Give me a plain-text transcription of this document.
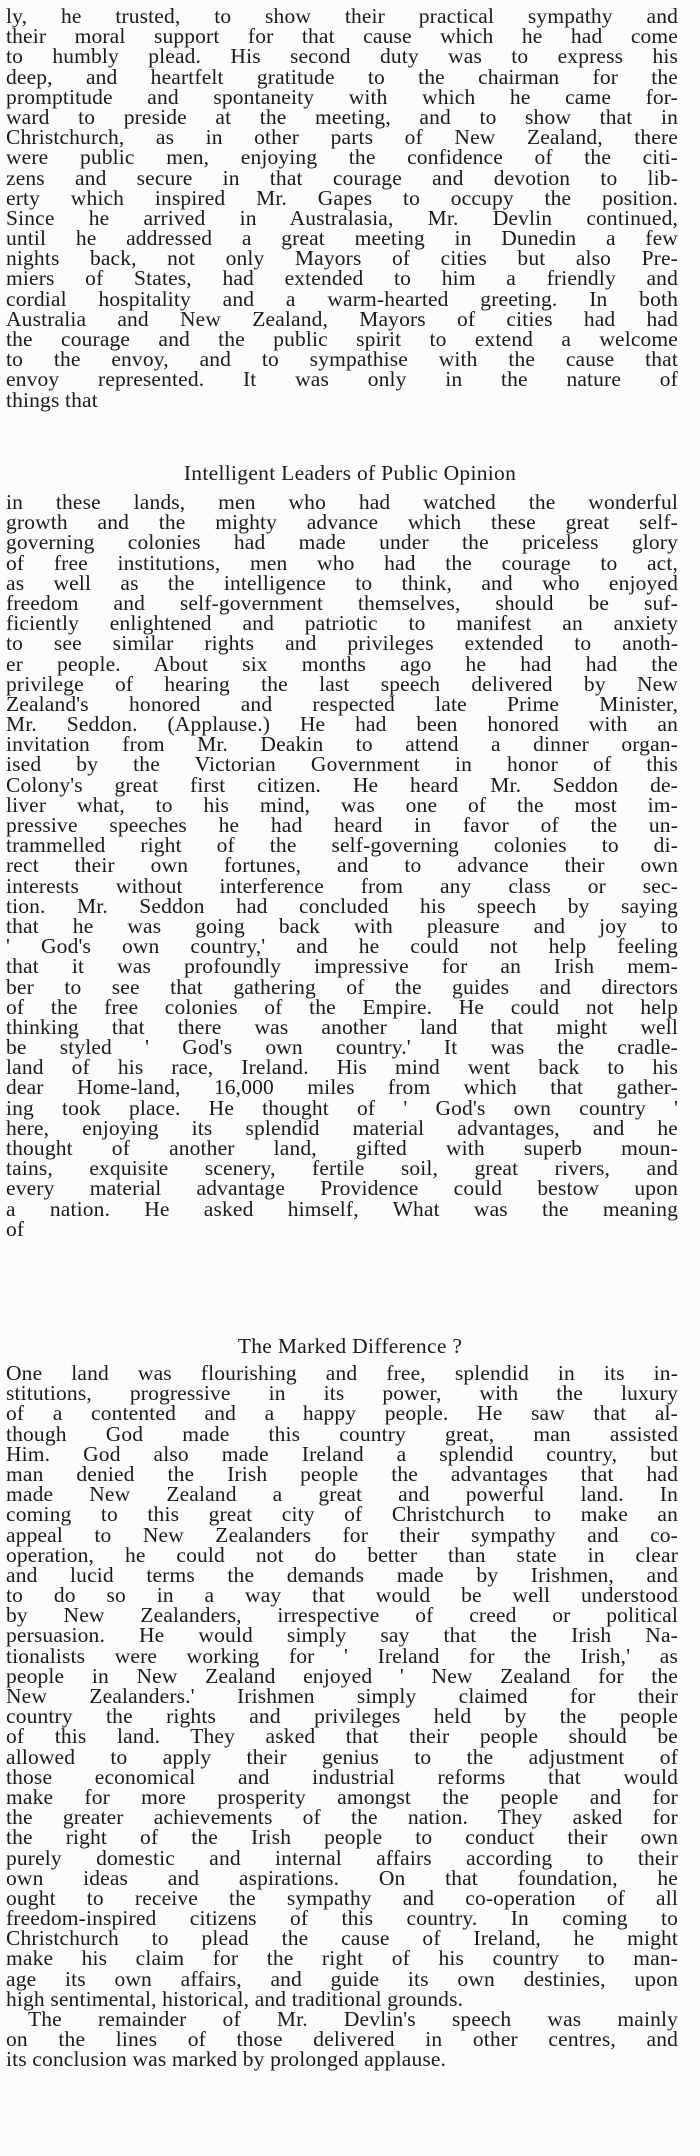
ly, he trusted, to show their practical sympathy and
their moral support for that cause which he had come
to humbly plead. His second duty was to express his
deep, and heartfelt gratitude to the chairman for the
promptitude and spontaneity with which he came for-
ward to preside at the meeting, and to show that in
Christchurch, as in other parts of New Zealand, there
were public men, enjoying the confidence of the citi-
zens and secure in that courage and devotion to lib-
erty which inspired Mr. Gapes to occupy the position.
Since he arrived in Australasia, Mr. Devlin continued,
until he addressed a great meeting in Dunedin a few
nights back, not only Mayors of cities but also Pre-
miers of States, had extended to him a friendly and
cordial hospitality and a warm-hearted greeting. In both
Australia and New Zealand, Mayors of cities had had
the courage and the public spirit to extend a welcome
to the envoy, and to sympathise with the cause that
envoy represented. It was only in the nature of
things that
Intelligent Leaders of Public Opinion
in these lands, men who had watched the wonderful
growth and the mighty advance which these great self-
governing colonies had made under the priceless glory
of free institutions, men who had the courage to act,
as well as the intelligence to think, and who enjoyed
freedom and self-government themselves, should be suf-
ficiently enlightened and patriotic to manifest an anxiety
to see similar rights and privileges extended to anoth-
er people. About six months ago he had had the
privilege of hearing the last speech delivered by New
Zealand's honored and respected late Prime Minister,
Mr. Seddon. (Applause.) He had been honored with an
invitation from Mr. Deakin to attend a dinner organ-
ised by the Victorian Government in honor of this
Colony's great first citizen. He heard Mr. Seddon de-
liver what, to his mind, was one of the most im-
pressive speeches he had heard in favor of the un-
trammelled right of the self-governing colonies to di-
rect their own fortunes, and to advance their own
interests without interference from any class or sec-
tion. Mr. Seddon had concluded his speech by saying
that he was going back with pleasure and joy to
' God's own country,' and he could not help feeling
that it was profoundly impressive for an Irish mem-
ber to see that gathering of the guides and directors
of the free colonies of the Empire. He could not help
thinking that there was another land that might well
be styled ' God's own country.' It was the cradle-
land of his race, Ireland. His mind went back to his
dear Home-land, 16,000 miles from which that gather-
ing took place. He thought of ' God's own country '
here, enjoying its splendid material advantages, and he
thought of another land, gifted with superb moun-
tains, exquisite scenery, fertile soil, great rivers, and
every material advantage Providence could bestow upon
a nation. He asked himself, What was the meaning
of
The Marked Difference ?
One land was flourishing and free, splendid in its in-
stitutions, progressive in its power, with the luxury
of a contented and a happy people. He saw that al-
though God made this country great, man assisted
Him. God also made Ireland a splendid country, but
man denied the Irish people the advantages that had
made New Zealand a great and powerful land. In
coming to this great city of Christchurch to make an
appeal to New Zealanders for their sympathy and co-
operation, he could not do better than state in clear
and lucid terms the demands made by Irishmen, and
to do so in a way that would be well understood
by New Zealanders, irrespective of creed or political
persuasion. He would simply say that the Irish Na-
tionalists were working for ' Ireland for the Irish,' as
people in New Zealand enjoyed ' New Zealand for the
New Zealanders.' Irishmen simply claimed for their
country the rights and privileges held by the people
of this land. They asked that their people should be
allowed to apply their genius to the adjustment of
those economical and industrial reforms that would
make for more prosperity amongst the people and for
the greater achievements of the nation. They asked for
the right of the Irish people to conduct their own
purely domestic and internal affairs according to their
own ideas and aspirations. On that foundation, he
ought to receive the sympathy and co-operation of all
freedom-inspired citizens of this country. In coming to
Christchurch to plead the cause of Ireland, he might
make his claim for the right of his country to man-
age its own affairs, and guide its own destinies, upon
high sentimental, historical, and traditional grounds.
The remainder of Mr. Devlin's speech was mainly
on the lines of those delivered in other centres, and
its conclusion was marked by prolonged applause.
